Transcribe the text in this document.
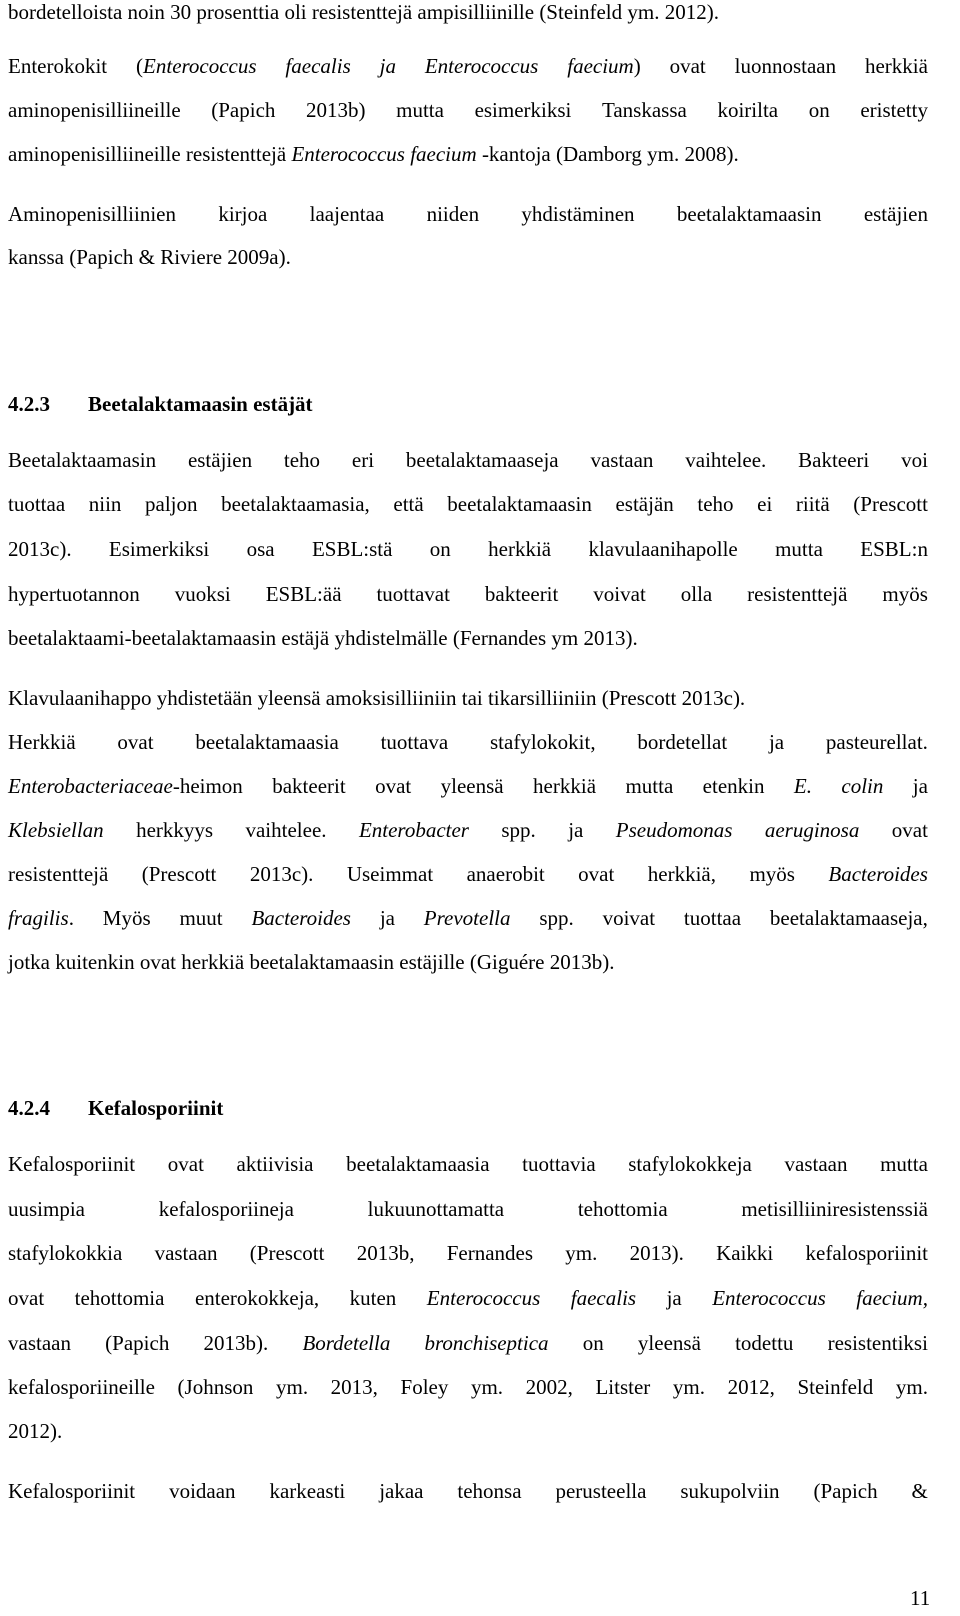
bordetelloista noin 30 prosenttia oli resistenttejä ampisilliinille (Steinfeld ym. 2012).
Enterokokit (Enterococcus faecalis ja Enterococcus faecium) ovat luonnostaan herkkiä
aminopenisilliineille (Papich 2013b) mutta esimerkiksi Tanskassa koirilta on eristetty
aminopenisilliineille resistenttejä Enterococcus faecium -kantoja (Damborg ym. 2008).
Aminopenisilliinien kirjoa laajentaa niiden yhdistäminen beetalaktamaasin estäjien
kanssa (Papich & Riviere 2009a).
Beetalaktaamasin estäjien teho eri beetalaktamaaseja vastaan vaihtelee. Bakteeri voi
tuottaa niin paljon beetalaktaamasia, että beetalaktamaasin estäjän teho ei riitä (Prescott
2013c). Esimerkiksi osa ESBL:stä on herkkiä klavulaanihapolle mutta ESBL:n
hypertuotannon vuoksi ESBL:ää tuottavat bakteerit voivat olla resistenttejä myös
beetalaktaami-beetalaktamaasin estäjä yhdistelmälle (Fernandes ym 2013).
Klavulaanihappo yhdistetään yleensä amoksisilliiniin tai tikarsilliiniin (Prescott 2013c).
Herkkiä ovat beetalaktamaasia tuottava stafylokokit, bordetellat ja pasteurellat.
Enterobacteriaceae-heimon bakteerit ovat yleensä herkkiä mutta etenkin E. colin ja
Klebsiellan herkkyys vaihtelee. Enterobacter spp. ja Pseudomonas aeruginosa ovat
resistenttejä (Prescott 2013c). Useimmat anaerobit ovat herkkiä, myös Bacteroides
fragilis. Myös muut Bacteroides ja Prevotella spp. voivat tuottaa beetalaktamaaseja,
jotka kuitenkin ovat herkkiä beetalaktamaasin estäjille (Giguére 2013b).
Kefalosporiinit ovat aktiivisia beetalaktamaasia tuottavia stafylokokkeja vastaan mutta
uusimpia	kefalosporiineja	lukuunottamatta	tehottomia	metisilliiniresistenssiä
stafylokokkia vastaan (Prescott 2013b, Fernandes ym. 2013). Kaikki kefalosporiinit
ovat tehottomia enterokokkeja, kuten Enterococcus faecalis ja Enterococcus faecium,
vastaan (Papich 2013b). Bordetella bronchiseptica on yleensä todettu resistentiksi
kefalosporiineille (Johnson ym. 2013, Foley ym. 2002, Litster ym. 2012, Steinfeld ym.
2012).
Kefalosporiinit voidaan karkeasti jakaa tehonsa perusteella sukupolviin (Papich &
4.2.3 Beetalaktamaasin estäjät
4.2.4 Kefalosporiinit
11
